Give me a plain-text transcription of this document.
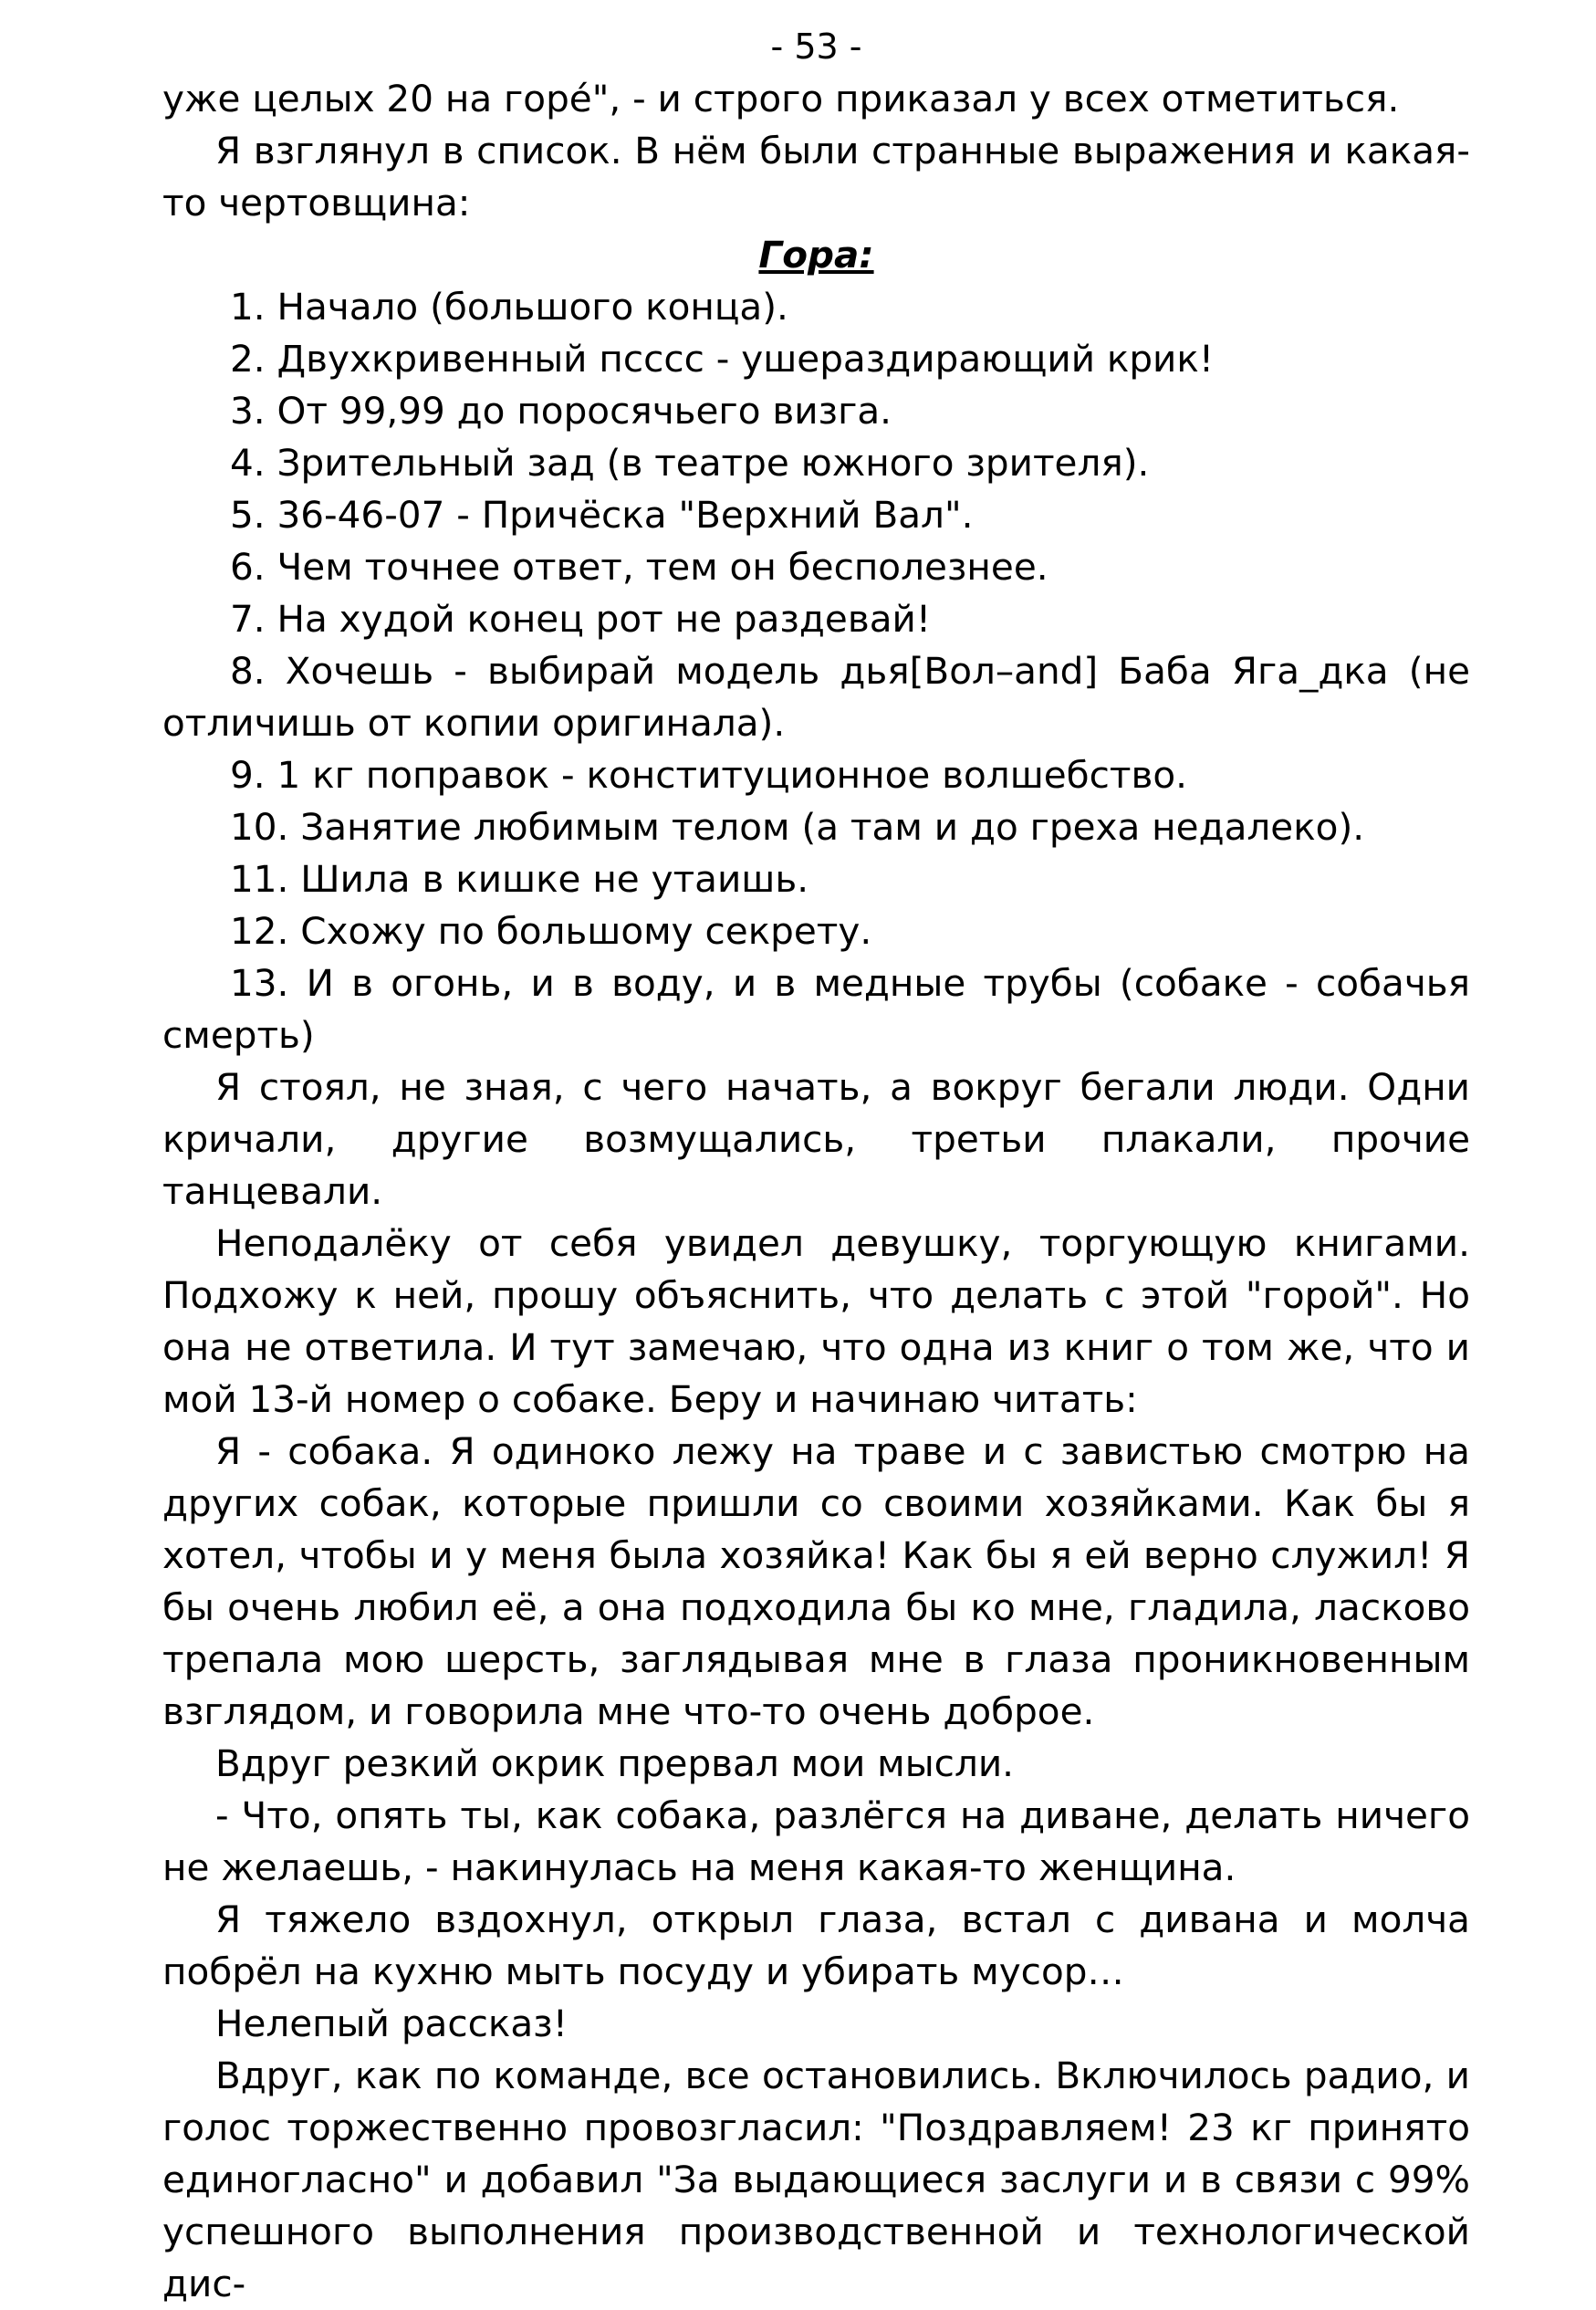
- 53 -

уже целых 20 на горé", - и строго приказал у всех отметиться.

Я взглянул в список. В нём были странные выражения и какая-то чертовщина:

Гора:

1. Начало (большого конца).

2. Двухкривенный псссс - ушераздирающий крик!

3. От 99,99 до поросячьего визга.

4. Зрительный зад (в театре южного зрителя).

5. 36-46-07 - Причёска "Верхний Вал".

6. Чем точнее ответ, тем он бесполезнее.

7. На худой конец рот не раздевай!

8. Хочешь - выбирай модель дья[Вол–and] Баба Яга_дка (не отличишь от копии оригинала).

9. 1 кг поправок - конституционное волшебство.

10. Занятие любимым телом (а там и до греха недалеко).

11. Шила в кишке не утаишь.

12. Схожу по большому секрету.

13. И в огонь, и в воду, и в медные трубы (собаке - собачья смерть)

Я стоял, не зная, с чего начать, а вокруг бегали люди. Одни кричали, другие возмущались, третьи плакали, прочие танцевали.

Неподалёку от себя увидел девушку, торгующую книгами. Подхожу к ней, прошу объяснить, что делать с этой "горой". Но она не ответила. И тут замечаю, что одна из книг о том же, что и мой 13-й номер о собаке. Беру и начинаю читать:

Я - собака. Я одиноко лежу на траве и с завистью смотрю на других собак, которые пришли со своими хозяйками. Как бы я хотел, чтобы и у меня была хозяйка! Как бы я ей верно служил! Я бы очень любил её, а она подходила бы ко мне, гладила, ласково трепала мою шерсть, заглядывая мне в глаза проникновенным взглядом, и говорила мне что-то очень доброе.

Вдруг резкий окрик прервал мои мысли.

- Что, опять ты, как собака, разлёгся на диване, делать ничего не желаешь, - накинулась на меня какая-то женщина.

Я тяжело вздохнул, открыл глаза, встал с дивана и молча побрёл на кухню мыть посуду и убирать мусор…

Нелепый рассказ!

Вдруг, как по команде, все остановились. Включилось радио, и голос торжественно провозгласил: "Поздравляем! 23 кг принято единогласно" и добавил "За выдающиеся заслуги и в связи с 99% успешного выполнения производственной и технологической дис-
